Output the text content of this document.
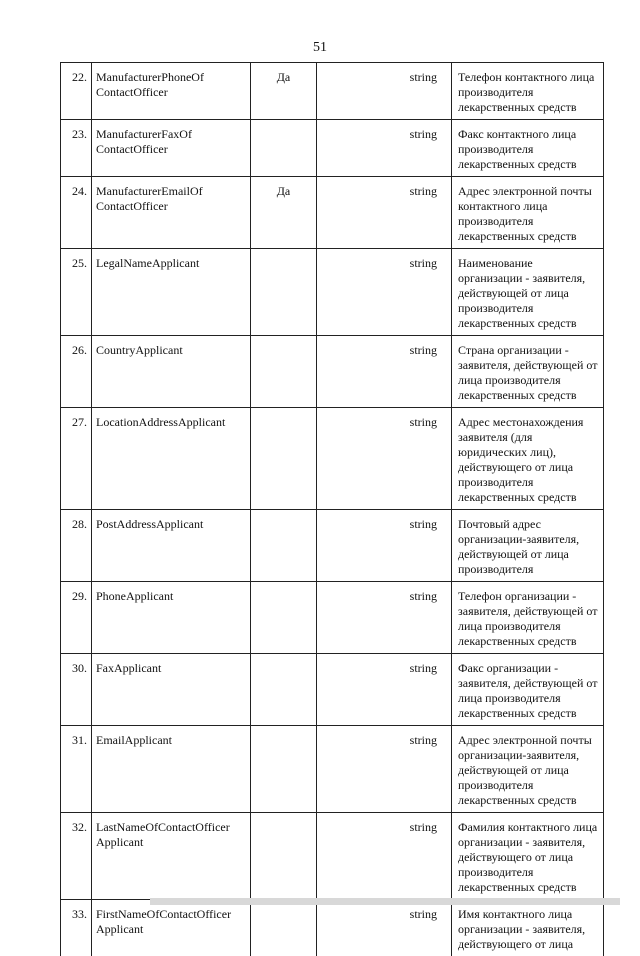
51
22.	ManufacturerPhoneOf ContactOfficer	Да	string	Телефон контактного лица производителя лекарственных средств
23.	ManufacturerFaxOf ContactOfficer		string	Факс контактного лица производителя лекарственных средств
24.	ManufacturerEmailOf ContactOfficer	Да	string	Адрес электронной почты контактного лица производителя лекарственных средств
25.	LegalNameApplicant		string	Наименование организации - заявителя, действующей от лица производителя лекарственных средств
26.	CountryApplicant		string	Страна организации - заявителя, действующей от лица производителя лекарственных средств
27.	LocationAddressApplicant		string	Адрес местонахождения заявителя (для юридических лиц), действующего от лица производителя лекарственных средств
28.	PostAddressApplicant		string	Почтовый адрес организации-заявителя, действующей от лица производителя
29.	PhoneApplicant		string	Телефон организации - заявителя, действующей от лица производителя лекарственных средств
30.	FaxApplicant		string	Факс организации - заявителя, действующей от лица производителя лекарственных средств
31.	EmailApplicant		string	Адрес электронной почты организации-заявителя, действующей от лица производителя лекарственных средств
32.	LastNameOfContactOfficer Applicant		string	Фамилия контактного лица организации - заявителя, действующего от лица производителя лекарственных средств
33.	FirstNameOfContactOfficer Applicant		string	Имя контактного лица организации - заявителя, действующего от лица
